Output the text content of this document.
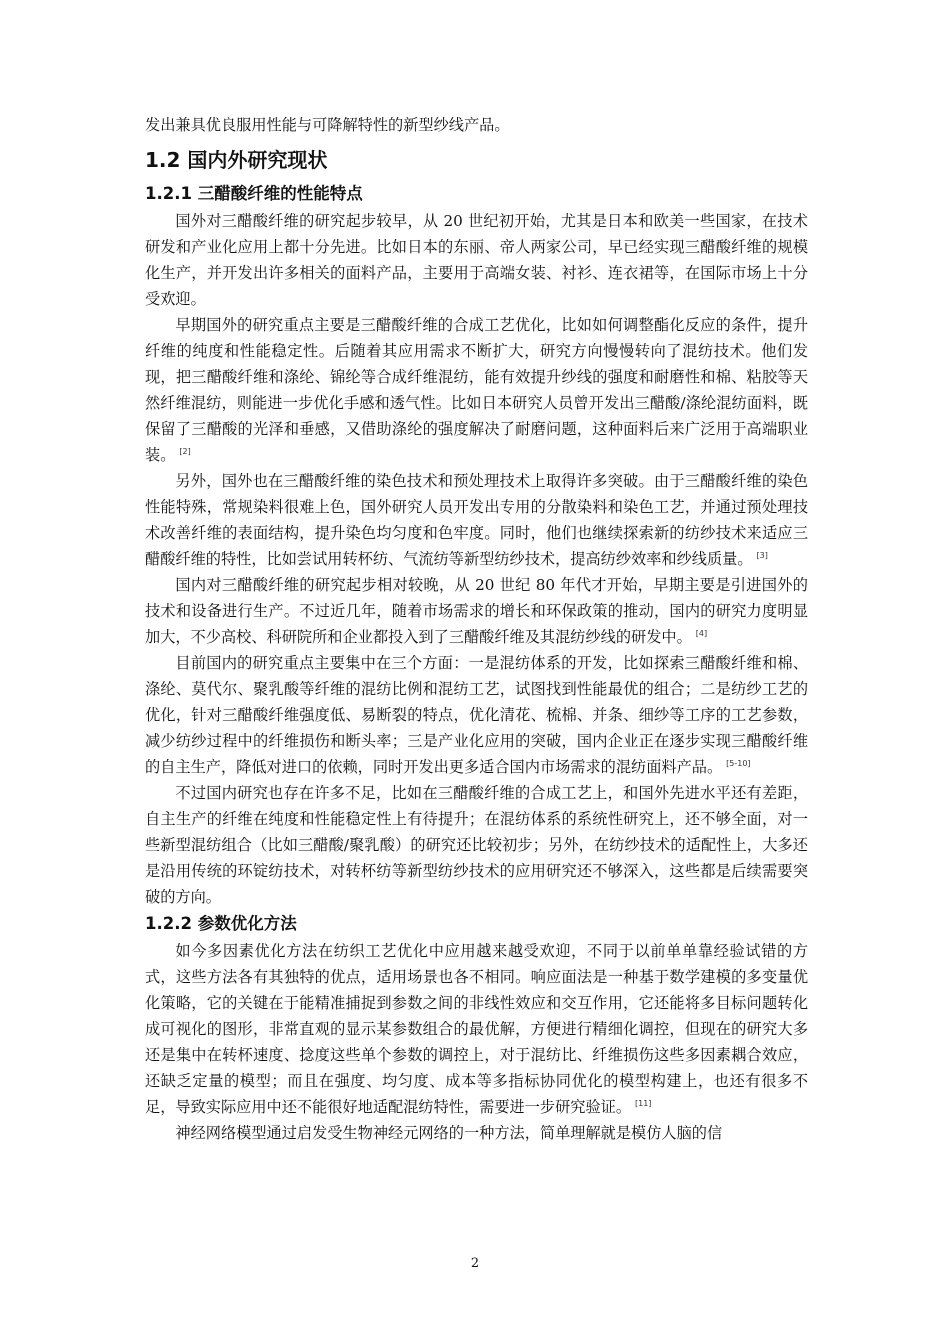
发出兼具优良服用性能与可降解特性的新型纱线产品。

1.2 国内外研究现状
1.2.1 三醋酸纤维的性能特点

国外对三醋酸纤维的研究起步较早，从 20 世纪初开始，尤其是日本和欧美一些国家，在技术研发和产业化应用上都十分先进。比如日本的东丽、帝人两家公司，早已经实现三醋酸纤维的规模化生产，并开发出许多相关的面料产品，主要用于高端女装、衬衫、连衣裙等，在国际市场上十分受欢迎。

早期国外的研究重点主要是三醋酸纤维的合成工艺优化，比如如何调整酯化反应的条件，提升纤维的纯度和性能稳定性。后随着其应用需求不断扩大，研究方向慢慢转向了混纺技术。他们发现，把三醋酸纤维和涤纶、锦纶等合成纤维混纺，能有效提升纱线的强度和耐磨性和棉、粘胶等天然纤维混纺，则能进一步优化手感和透气性。比如日本研究人员曾开发出三醋酸/涤纶混纺面料，既保留了三醋酸的光泽和垂感，又借助涤纶的强度解决了耐磨问题，这种面料后来广泛用于高端职业装。 [2]

另外，国外也在三醋酸纤维的染色技术和预处理技术上取得许多突破。由于三醋酸纤维的染色性能特殊，常规染料很难上色，国外研究人员开发出专用的分散染料和染色工艺，并通过预处理技术改善纤维的表面结构，提升染色均匀度和色牢度。同时，他们也继续探索新的纺纱技术来适应三醋酸纤维的特性，比如尝试用转杯纺、气流纺等新型纺纱技术，提高纺纱效率和纱线质量。 [3]

国内对三醋酸纤维的研究起步相对较晚，从 20 世纪 80 年代才开始，早期主要是引进国外的技术和设备进行生产。不过近几年，随着市场需求的增长和环保政策的推动，国内的研究力度明显加大，不少高校、科研院所和企业都投入到了三醋酸纤维及其混纺纱线的研发中。 [4]

目前国内的研究重点主要集中在三个方面：一是混纺体系的开发，比如探索三醋酸纤维和棉、涤纶、莫代尔、聚乳酸等纤维的混纺比例和混纺工艺，试图找到性能最优的组合；二是纺纱工艺的优化，针对三醋酸纤维强度低、易断裂的特点，优化清花、梳棉、并条、细纱等工序的工艺参数，减少纺纱过程中的纤维损伤和断头率；三是产业化应用的突破，国内企业正在逐步实现三醋酸纤维的自主生产，降低对进口的依赖，同时开发出更多适合国内市场需求的混纺面料产品。 [5-10]

不过国内研究也存在许多不足，比如在三醋酸纤维的合成工艺上，和国外先进水平还有差距，自主生产的纤维在纯度和性能稳定性上有待提升；在混纺体系的系统性研究上，还不够全面，对一些新型混纺组合（比如三醋酸/聚乳酸）的研究还比较初步；另外，在纺纱技术的适配性上，大多还是沿用传统的环锭纺技术，对转杯纺等新型纺纱技术的应用研究还不够深入，这些都是后续需要突破的方向。

1.2.2 参数优化方法

如今多因素优化方法在纺织工艺优化中应用越来越受欢迎，不同于以前单单靠经验试错的方式，这些方法各有其独特的优点，适用场景也各不相同。响应面法是一种基于数学建模的多变量优化策略，它的关键在于能精准捕捉到参数之间的非线性效应和交互作用，它还能将多目标问题转化成可视化的图形，非常直观的显示某参数组合的最优解，方便进行精细化调控，但现在的研究大多还是集中在转杯速度、捻度这些单个参数的调控上，对于混纺比、纤维损伤这些多因素耦合效应，还缺乏定量的模型；而且在强度、均匀度、成本等多指标协同优化的模型构建上，也还有很多不足，导致实际应用中还不能很好地适配混纺特性，需要进一步研究验证。 [11]

神经网络模型通过启发受生物神经元网络的一种方法，简单理解就是模仿人脑的信

2
